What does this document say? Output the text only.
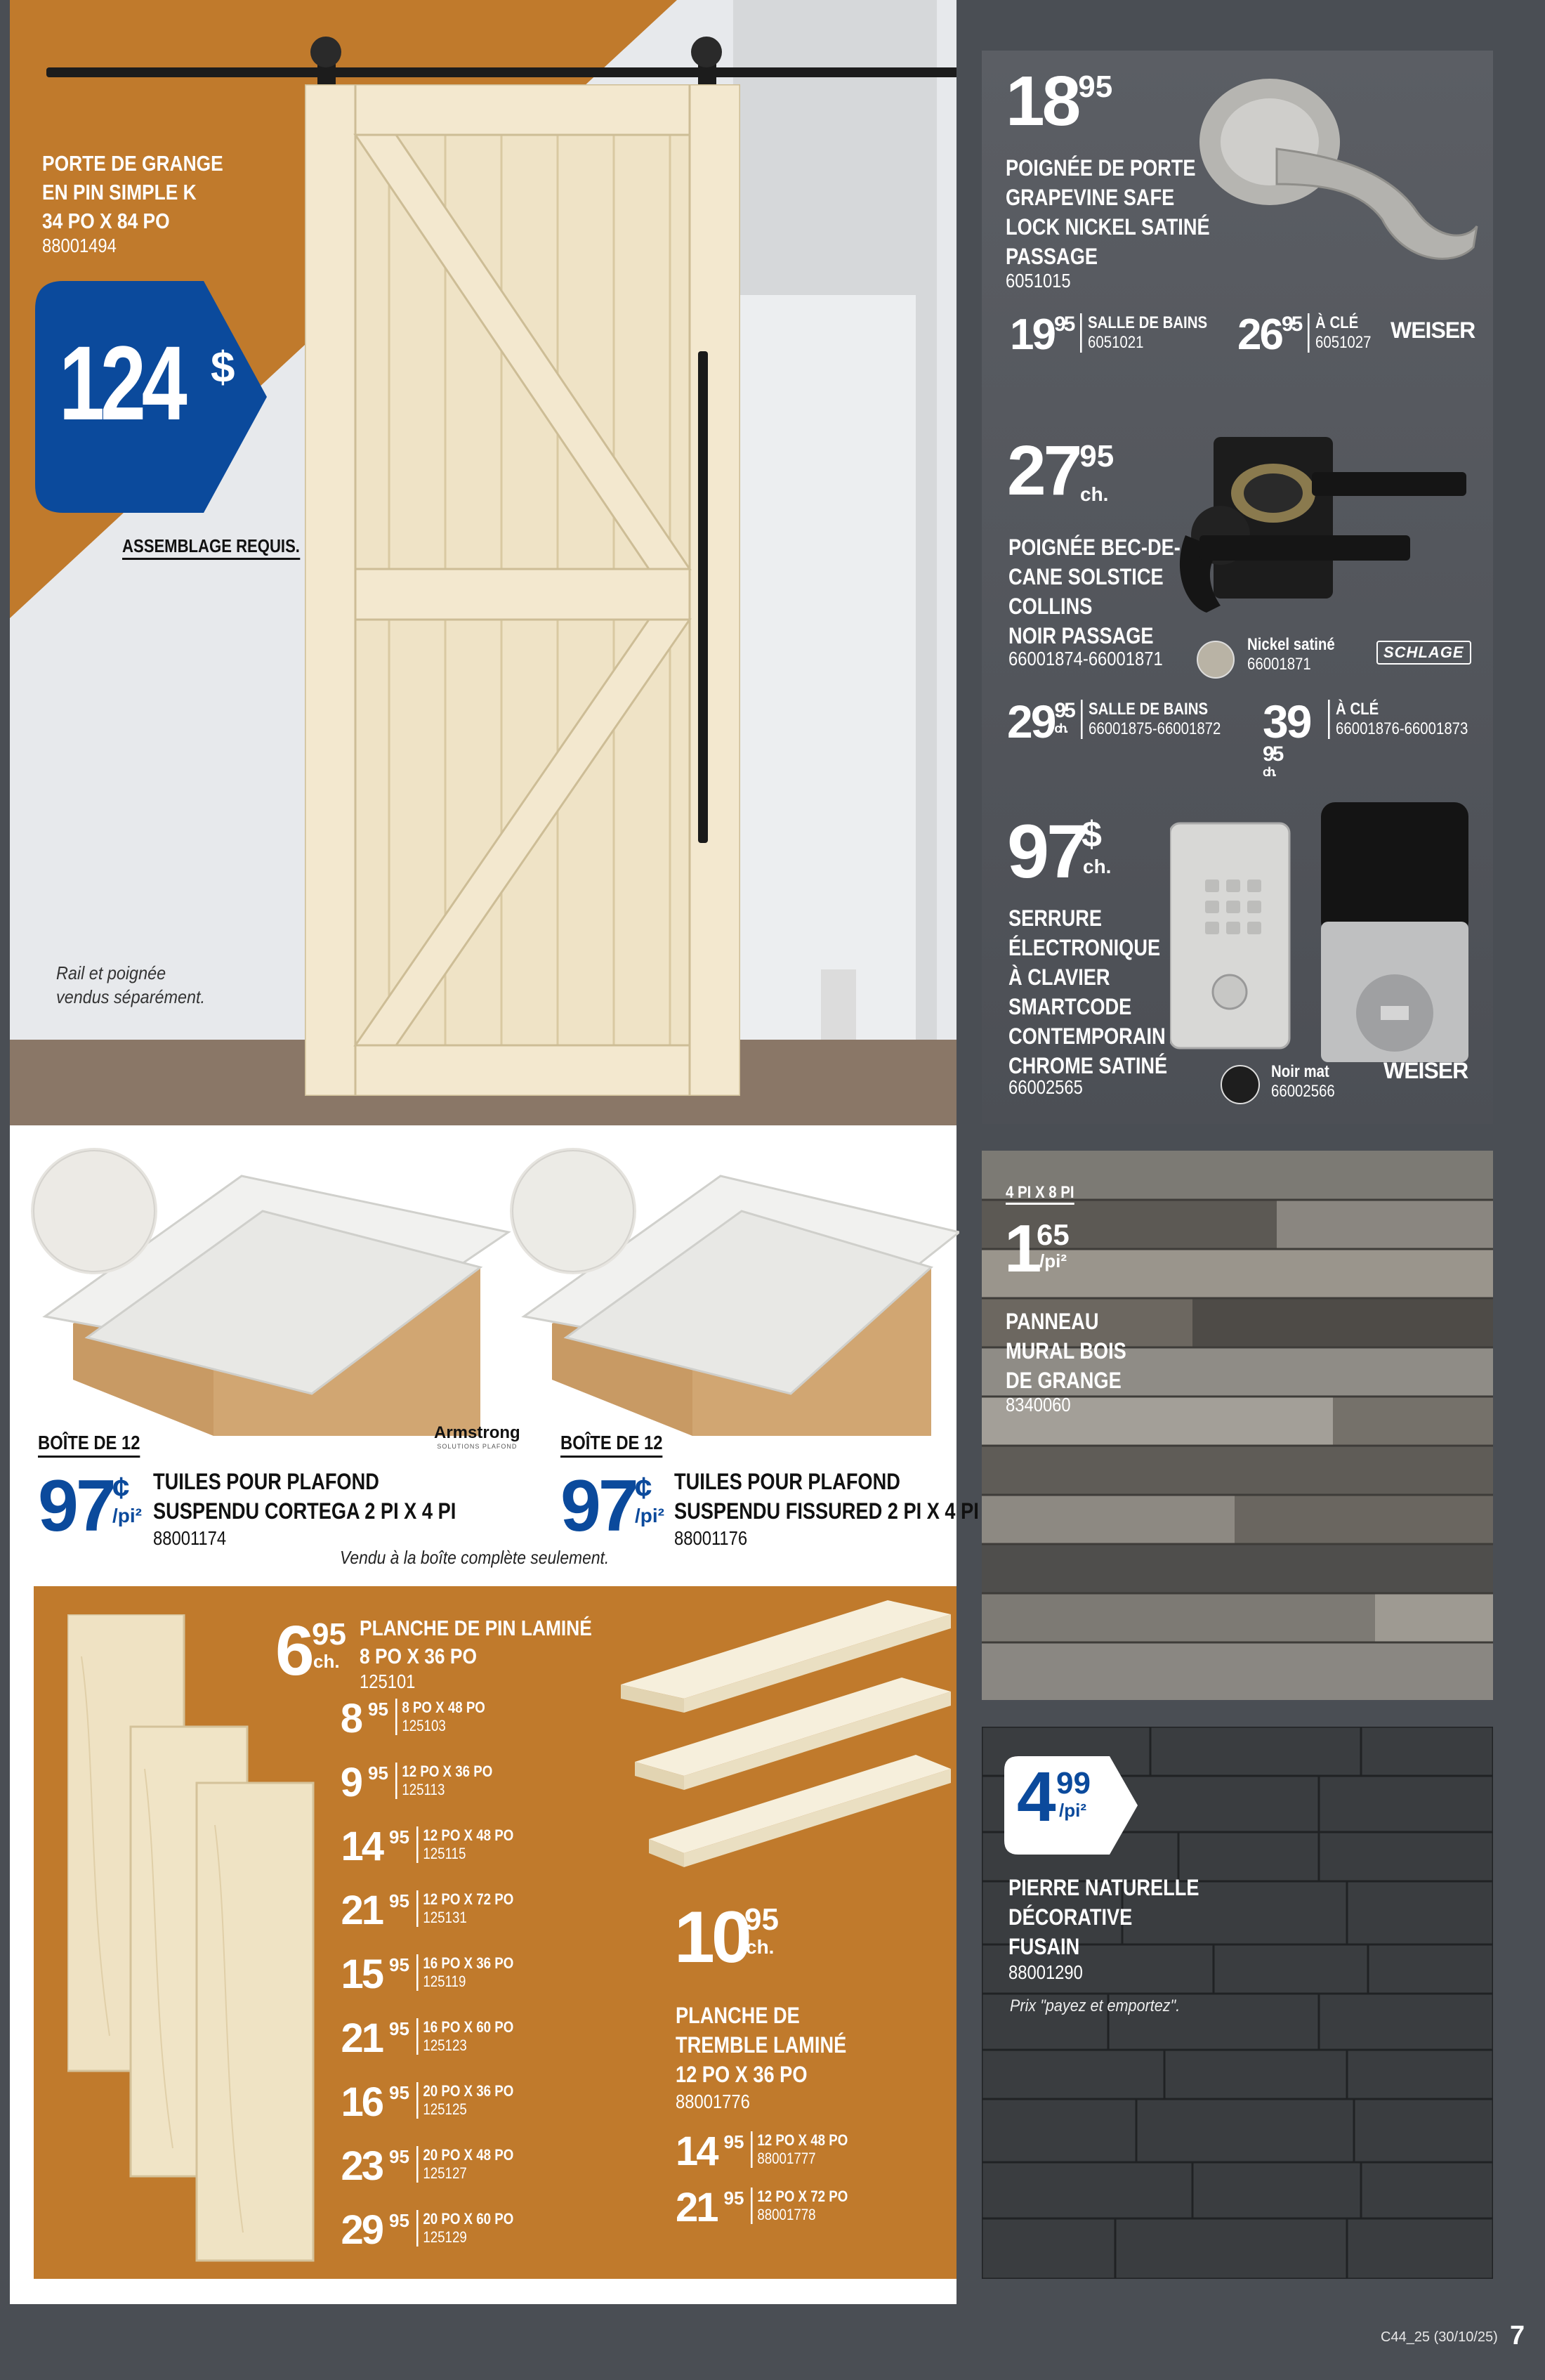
PORTE DE GRANGE
EN PIN SIMPLE K
34 PO X 84 PO
88001494
124 $
ASSEMBLAGE REQUIS.
Rail et poignée
vendus séparément.
1895
POIGNÉE DE PORTE
GRAPEVINE SAFE
LOCK NICKEL SATINÉ
PASSAGE
6051015
$19^{95}$ SALLE DE BAINS
6051021	$26^{95}$ À CLÉ
6051027 WEISER
2795
ch.
POIGNÉE BEC-DE-
CANE SOLSTICE
COLLINS
NOIR PASSAGE
66001874-66001871
Nickel satiné
66001871
SCHLAGE
29 95
ch.
SALLE DE BAINS
66001875-66001872 39
95
ch.
À CLÉ
66001876-66001873
97
$
ch.
SERRURE
ÉLECTRONIQUE
À CLAVIER
SMARTCODE
CONTEMPORAIN
CHROME SATINÉ
66002565
Noir mat
66002566
WEISER
Armstrong
SOLUTIONS PLAFOND
BOÎTE DE 12
97
¢
/pi²
TUILES POUR PLAFOND
SUSPENDU CORTEGA 2 PI X 4 PI
88001174
BOÎTE DE 12
97
¢
/pi²
TUILES POUR PLAFOND
SUSPENDU FISSURED 2 PI X 4 PI
88001176
Vendu à la boîte complète seulement.
6 95
ch.
PLANCHE DE PIN LAMINÉ
8 PO X 36 PO
125101
8 95 8 PO X 48 PO
125103
9 95 12 PO X 36 PO
125113
14 95 12 PO X 48 PO
125115
21 95 12 PO X 72 PO
125131
15 95 16 PO X 36 PO
125119
21 95 16 PO X 60 PO
125123
16 95 20 PO X 36 PO
125125
23 95 20 PO X 48 PO
125127
29 95 20 PO X 60 PO
125129
10
95
ch.
PLANCHE DE
TREMBLE LAMINÉ
12 PO X 36 PO
88001776
14 95 12 PO X 48 PO
88001777
21 95 12 PO X 72 PO
88001778
4 PI X 8 PI
1
65
/pi²
PANNEAU
MURAL BOIS
DE GRANGE
8340060
4 99
/pi²
PIERRE NATURELLE
DÉCORATIVE
FUSAIN
88001290
Prix "payez et emportez".
C44_25 (30/10/25) 7
